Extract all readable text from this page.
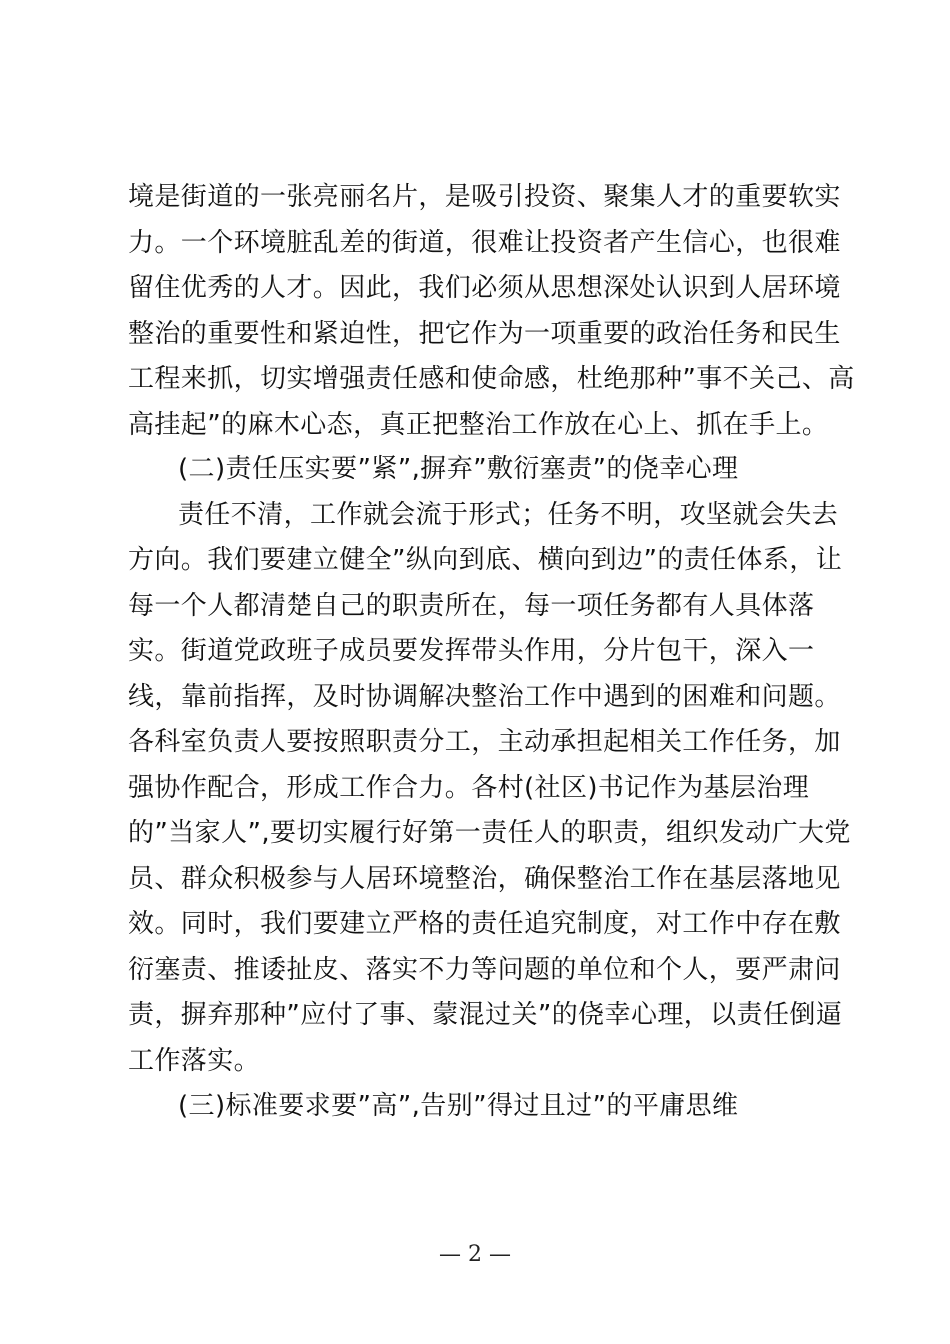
境是街道的一张亮丽名片，是吸引投资、聚集人才的重要软实
力。一个环境脏乱差的街道，很难让投资者产生信心，也很难
留住优秀的人才。因此，我们必须从思想深处认识到人居环境
整治的重要性和紧迫性，把它作为一项重要的政治任务和民生
工程来抓，切实增强责任感和使命感，杜绝那种”事不关己、高
高挂起”的麻木心态，真正把整治工作放在心上、抓在手上。
(二)责任压实要”紧”,摒弃”敷衍塞责”的侥幸心理
责任不清，工作就会流于形式；任务不明，攻坚就会失去
方向。我们要建立健全”纵向到底、横向到边”的责任体系，让
每一个人都清楚自己的职责所在，每一项任务都有人具体落
实。街道党政班子成员要发挥带头作用，分片包干，深入一
线，靠前指挥，及时协调解决整治工作中遇到的困难和问题。
各科室负责人要按照职责分工，主动承担起相关工作任务，加
强协作配合，形成工作合力。各村(社区)书记作为基层治理
的”当家人”,要切实履行好第一责任人的职责，组织发动广大党
员、群众积极参与人居环境整治，确保整治工作在基层落地见
效。同时，我们要建立严格的责任追究制度，对工作中存在敷
衍塞责、推诿扯皮、落实不力等问题的单位和个人，要严肃问
责，摒弃那种”应付了事、蒙混过关”的侥幸心理，以责任倒逼
工作落实。
(三)标准要求要”高”,告别”得过且过”的平庸思维
— 2 —
